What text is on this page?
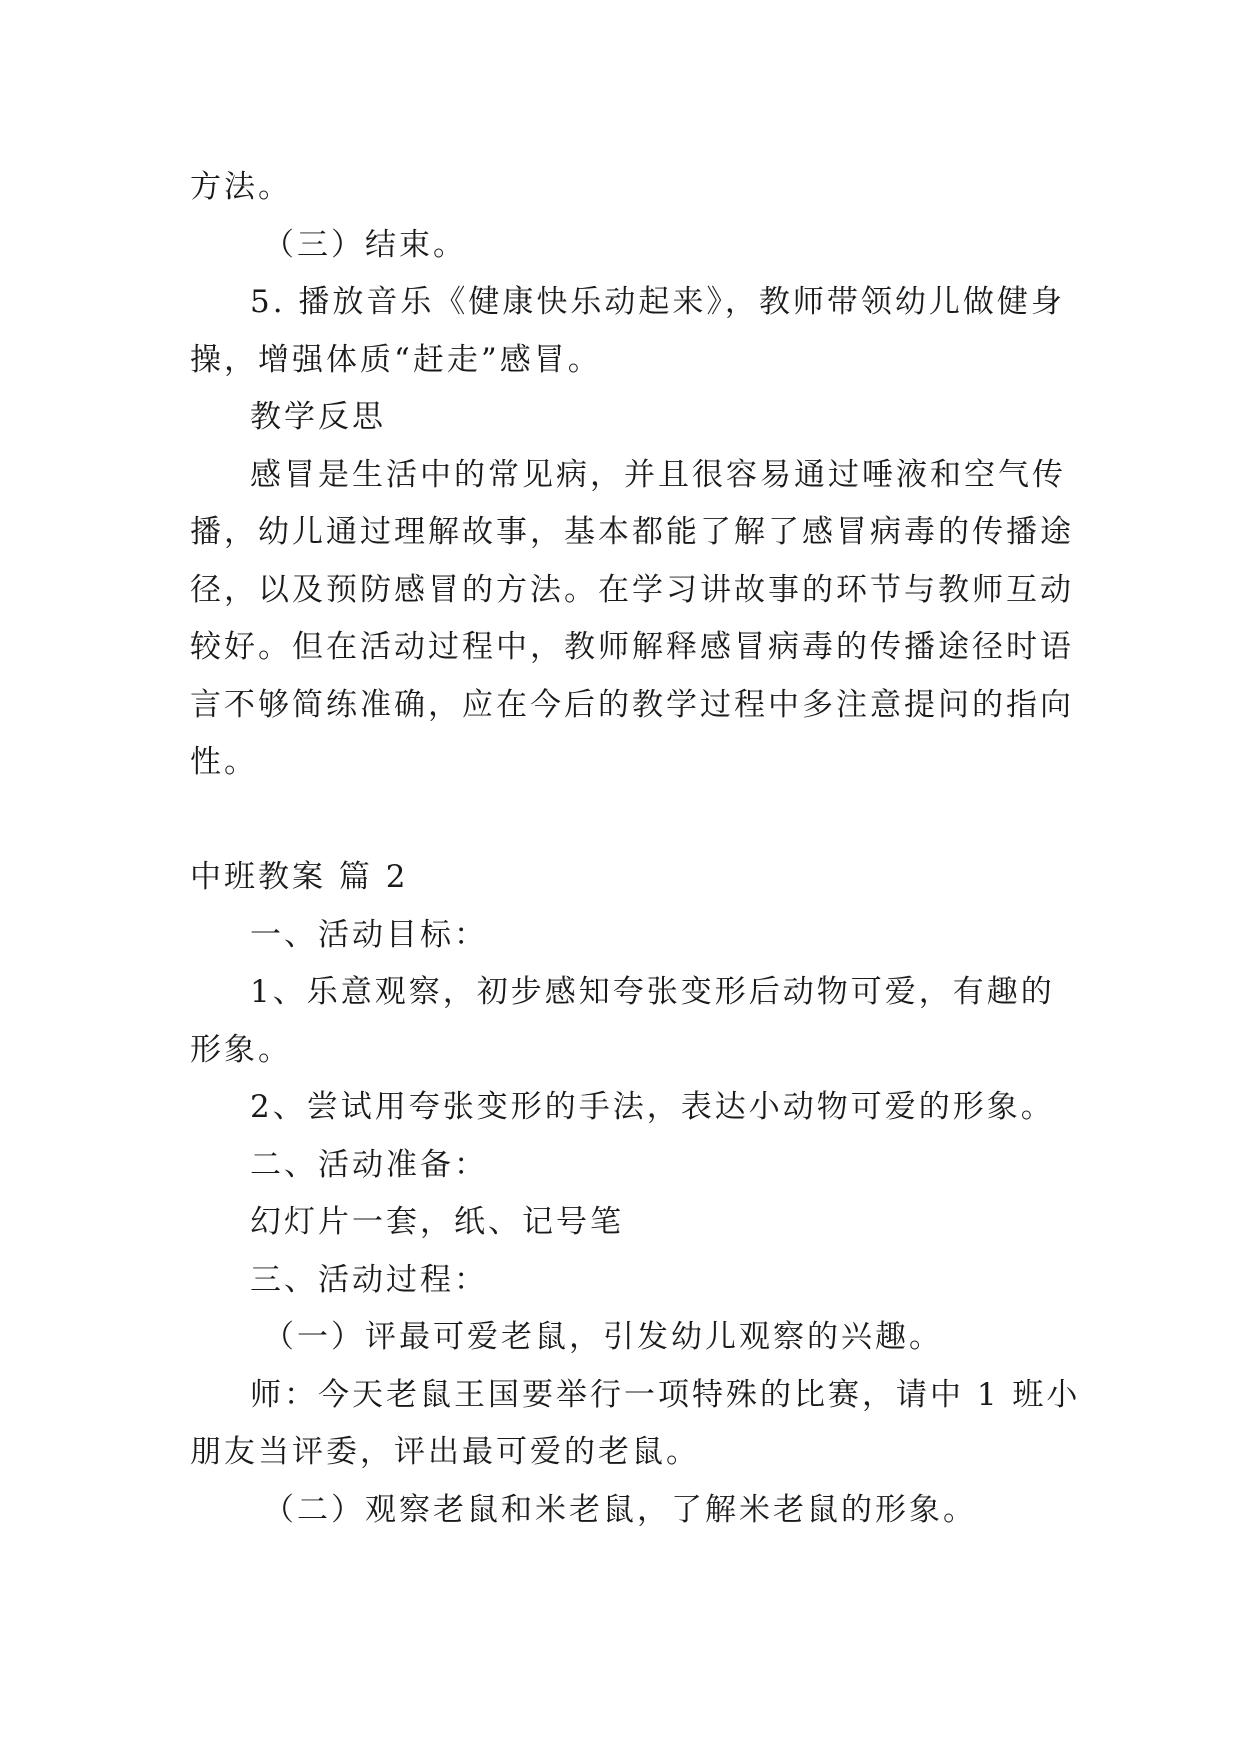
方法。
（三）结束。
5. 播放音乐《健康快乐动起来》，教师带领幼儿做健身
操，增强体质“赶走”感冒。
教学反思
感冒是生活中的常见病，并且很容易通过唾液和空气传
播，幼儿通过理解故事，基本都能了解了感冒病毒的传播途
径，以及预防感冒的方法。在学习讲故事的环节与教师互动
较好。但在活动过程中，教师解释感冒病毒的传播途径时语
言不够简练准确，应在今后的教学过程中多注意提问的指向
性。
中班教案 篇 2
一、活动目标：
1、乐意观察，初步感知夸张变形后动物可爱，有趣的
形象。
2、尝试用夸张变形的手法，表达小动物可爱的形象。
二、活动准备：
幻灯片一套，纸、记号笔
三、活动过程：
（一）评最可爱老鼠，引发幼儿观察的兴趣。
师：今天老鼠王国要举行一项特殊的比赛，请中 1 班小
朋友当评委，评出最可爱的老鼠。
（二）观察老鼠和米老鼠，了解米老鼠的形象。
